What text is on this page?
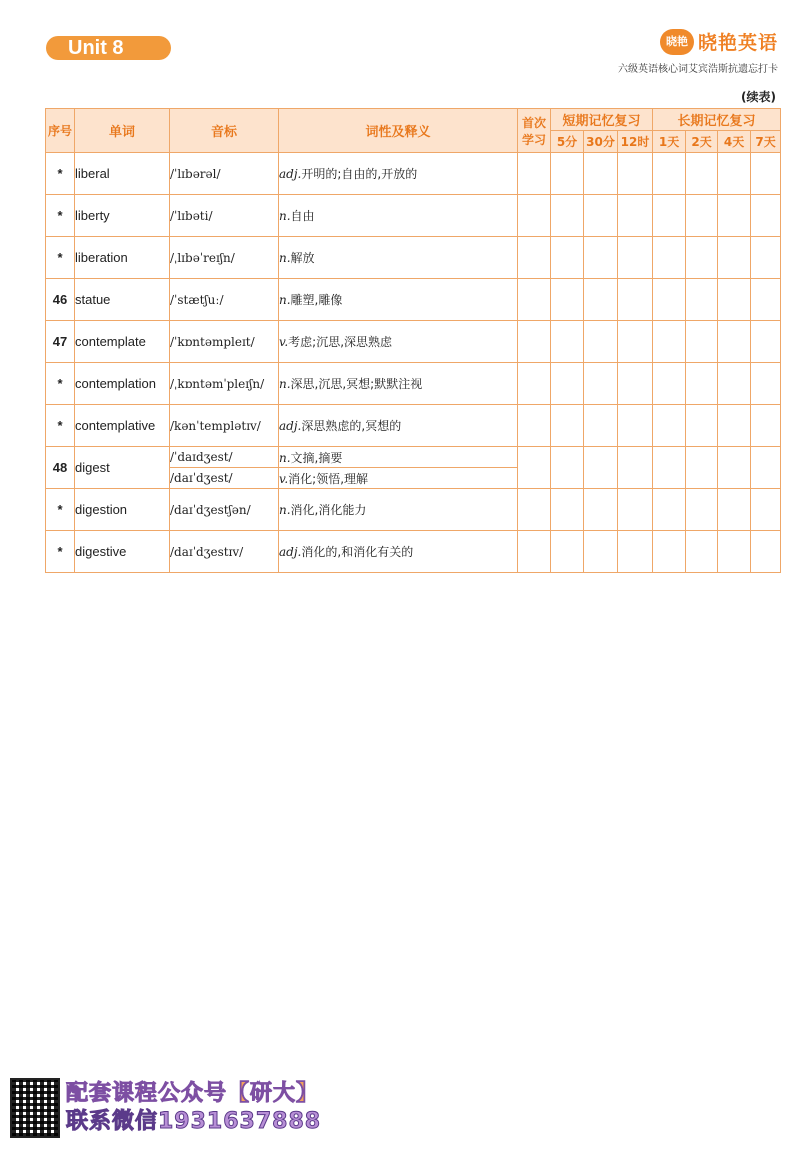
Unit 8	晓艳 晓艳英语
六级英语核心词艾宾浩斯抗遗忘打卡
(续表)
序号	单词	音标	词性及释义	首次学习	短期记忆复习			长期记忆复习			
					5分	30分	12时	1天	2天	4天	7天
*	liberal	/ˈlɪbərəl/	adj.开明的;自由的,开放的								
*	liberty	/ˈlɪbəti/	n.自由								
*	liberation	/ˌlɪbəˈreɪʃn/	n.解放								
46	statue	/ˈstætʃuː/	n.雕塑,雕像								
47	contemplate	/ˈkɒntəmpleɪt/	v.考虑;沉思,深思熟虑								
*	contemplation	/ˌkɒntəmˈpleɪʃn/	n.深思,沉思,冥想;默默注视								
*	contemplative	/kənˈtemplətɪv/	adj.深思熟虑的,冥想的								
48	digest	/ˈdaɪdʒest/	n.文摘,摘要								
		/daɪˈdʒest/	v.消化;领悟,理解								
*	digestion	/daɪˈdʒestʃən/	n.消化,消化能力								
*	digestive	/daɪˈdʒestɪv/	adj.消化的,和消化有关的								
配套课程公众号【研大】
联系微信1931637888
